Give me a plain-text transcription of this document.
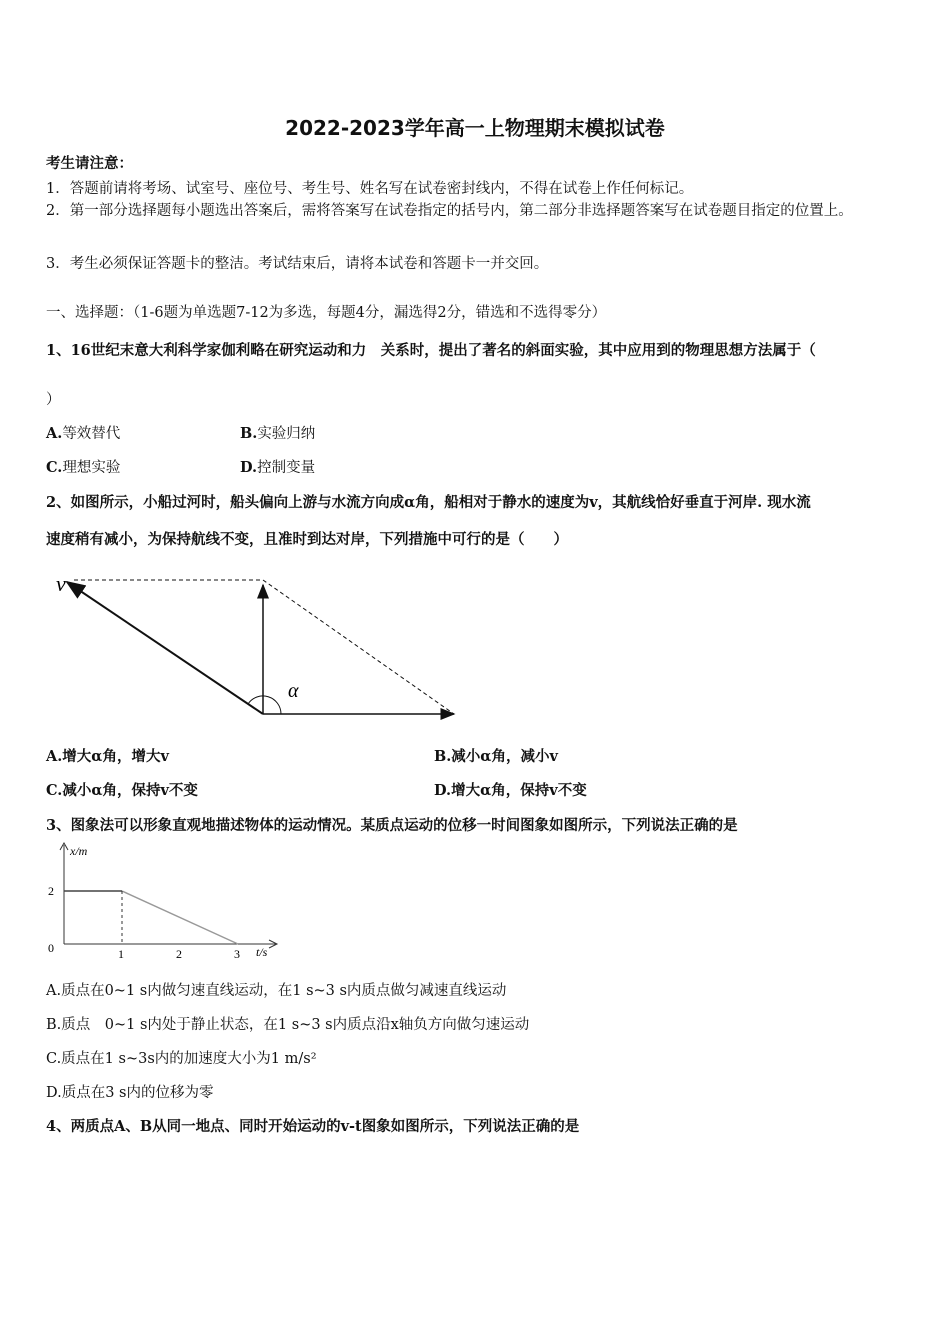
2022-2023学年高一上物理期末模拟试卷
考生请注意：
1．答题前请将考场、试室号、座位号、考生号、姓名写在试卷密封线内，不得在试卷上作任何标记。
2．第一部分选择题每小题选出答案后，需将答案写在试卷指定的括号内，第二部分非选择题答案写在试卷题目指定的位置上。
3．考生必须保证答题卡的整洁。考试结束后，请将本试卷和答题卡一并交回。
一、选择题：（1-6题为单选题7-12为多选，每题4分，漏选得2分，错选和不选得零分）
1、16世纪末意大利科学家伽利略在研究运动和力　关系时，提出了著名的斜面实验，其中应用到的物理思想方法属于（
）
A.等效替代	B.实验归纳
C.理想实验	D.控制变量
2、如图所示，小船过河时，船头偏向上游与水流方向成α角，船相对于静水的速度为v，其航线恰好垂直于河岸. 现水流
速度稍有减小，为保持航线不变，且准时到达对岸，下列措施中可行的是（　　）
v
α
A.增大α角，增大v	B.减小α角，减小v
C.减小α角，保持v不变	D.增大α角，保持v不变
3、图象法可以形象直观地描述物体的运动情况。某质点运动的位移一时间图象如图所示，下列说法正确的是
x/m
t/s
0	1	2	3
2
A.质点在0~1 s内做匀速直线运动，在1 s~3 s内质点做匀减速直线运动
B.质点　0~1 s内处于静止状态，在1 s~3 s内质点沿x轴负方向做匀速运动
C.质点在1 s~3s内的加速度大小为1 m/s²
D.质点在3 s内的位移为零
4、两质点A、B从同一地点、同时开始运动的v-t图象如图所示，下列说法正确的是
